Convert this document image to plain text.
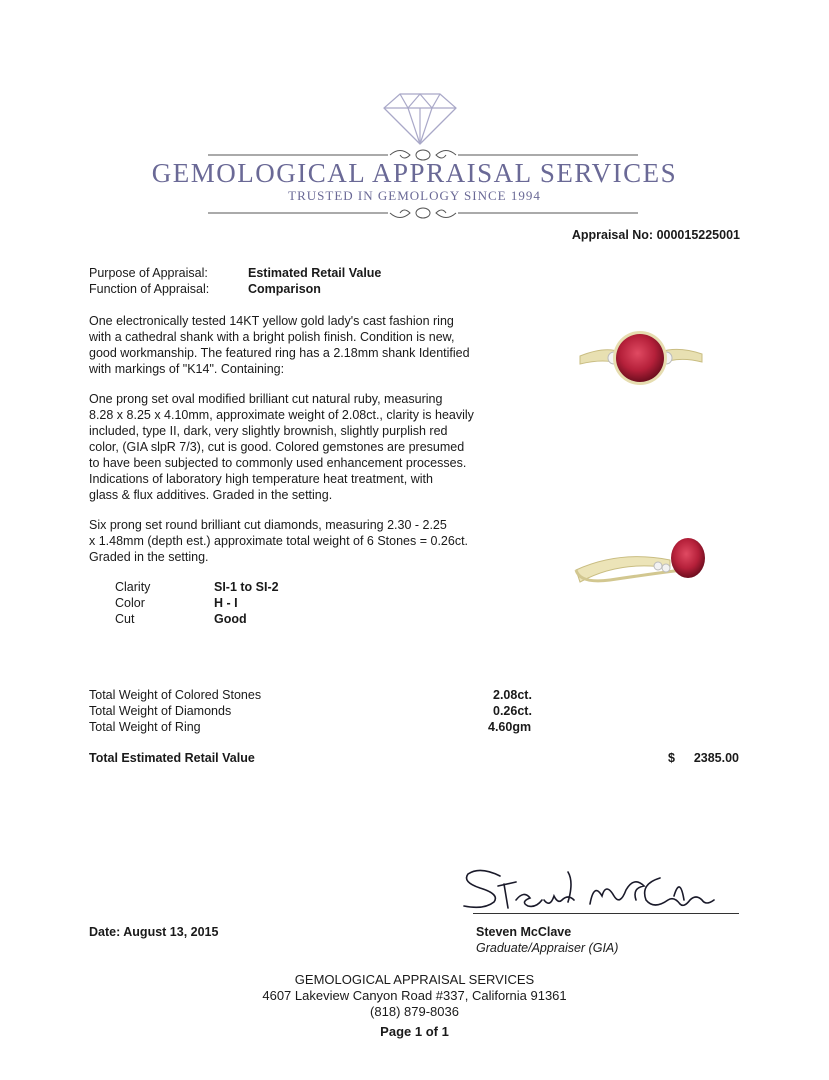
GEMOLOGICAL APPRAISAL SERVICES
TRUSTED IN GEMOLOGY SINCE 1994
Appraisal No: 000015225001
Purpose of Appraisal:	Estimated Retail Value
Function of Appraisal:	Comparison
One electronically tested 14KT yellow gold lady's cast fashion ring
with a cathedral shank with a bright polish finish. Condition is new,
good workmanship. The featured ring has a 2.18mm shank Identified
with markings of "K14". Containing:
One prong set oval modified brilliant cut natural ruby, measuring
8.28 x 8.25 x 4.10mm, approximate weight of 2.08ct., clarity is heavily
included, type II, dark, very slightly brownish, slightly purplish red
color, (GIA slpR 7/3), cut is good. Colored gemstones are presumed
to have been subjected to commonly used enhancement processes.
Indications of laboratory high temperature heat treatment, with
glass & flux additives. Graded in the setting.
Six prong set round brilliant cut diamonds, measuring 2.30 - 2.25
x 1.48mm (depth est.) approximate total weight of 6 Stones = 0.26ct.
Graded in the setting.
Clarity	SI-1 to SI-2
Color	H - I
Cut	Good
Total Weight of Colored Stones	2.08ct.
Total Weight of Diamonds	0.26ct.
Total Weight of Ring	4.60gm
Total Estimated Retail Value	$ 2385.00
Date: August 13, 2015	Steven McClave
Graduate/Appraiser (GIA)
GEMOLOGICAL APPRAISAL SERVICES
4607 Lakeview Canyon Road #337, California 91361
(818) 879-8036
Page 1 of 1
